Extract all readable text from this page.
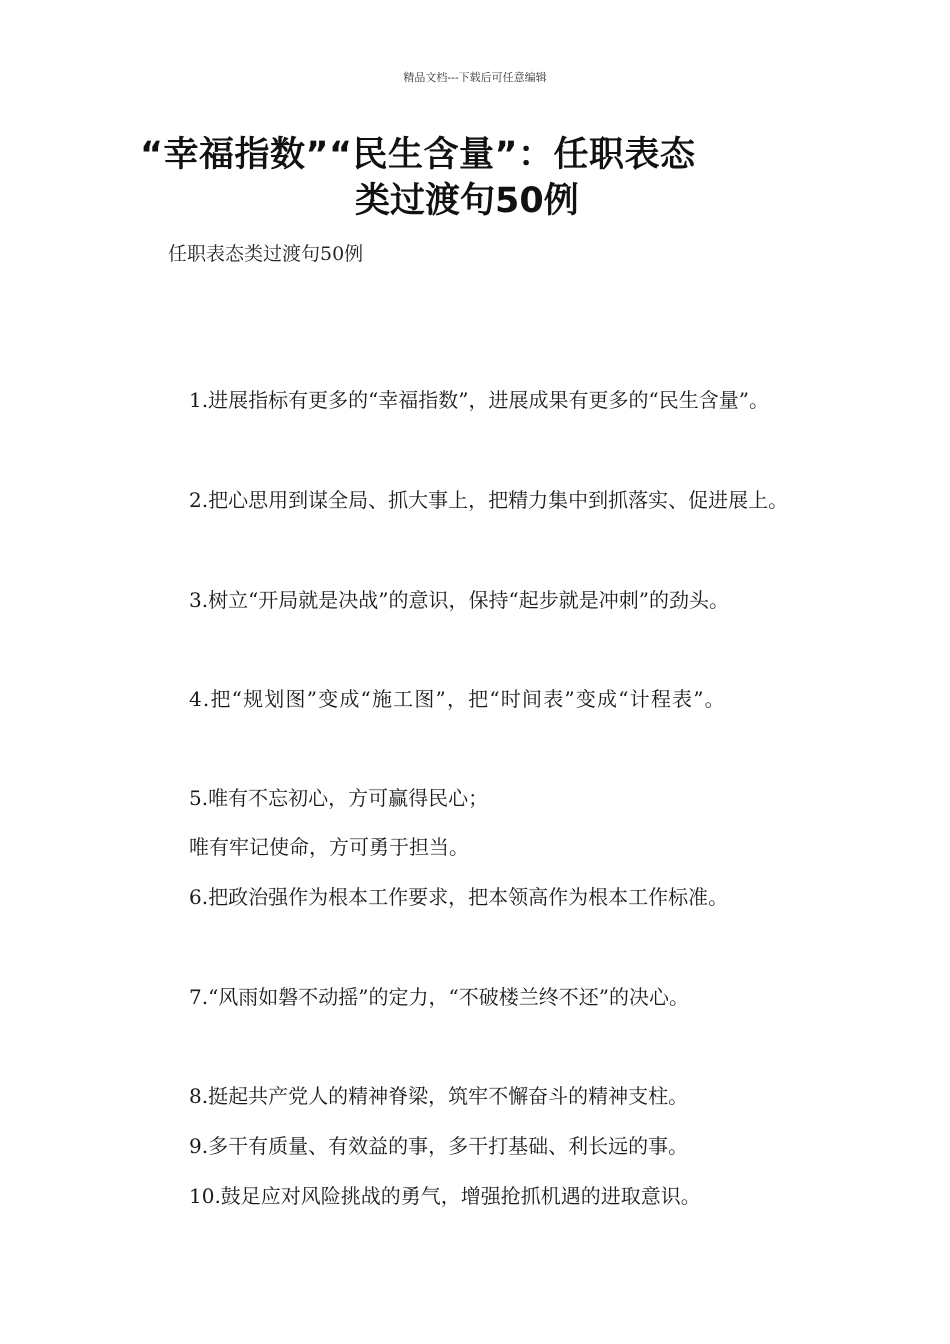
精品文档---下载后可任意编辑
“幸福指数”“民生含量”：任职表态
类过渡句50例
任职表态类过渡句50例

1.进展指标有更多的“幸福指数”，进展成果有更多的“民生含量”。

2.把心思用到谋全局、抓大事上，把精力集中到抓落实、促进展上。

3.树立“开局就是决战”的意识，保持“起步就是冲刺”的劲头。

4.把“规划图”变成“施工图”，把“时间表”变成“计程表”。

5.唯有不忘初心，方可赢得民心；

唯有牢记使命，方可勇于担当。

6.把政治强作为根本工作要求，把本领高作为根本工作标准。

7.“风雨如磐不动摇”的定力，“不破楼兰终不还”的决心。

8.挺起共产党人的精神脊梁，筑牢不懈奋斗的精神支柱。

9.多干有质量、有效益的事，多干打基础、利长远的事。

10.鼓足应对风险挑战的勇气，增强抢抓机遇的进取意识。
